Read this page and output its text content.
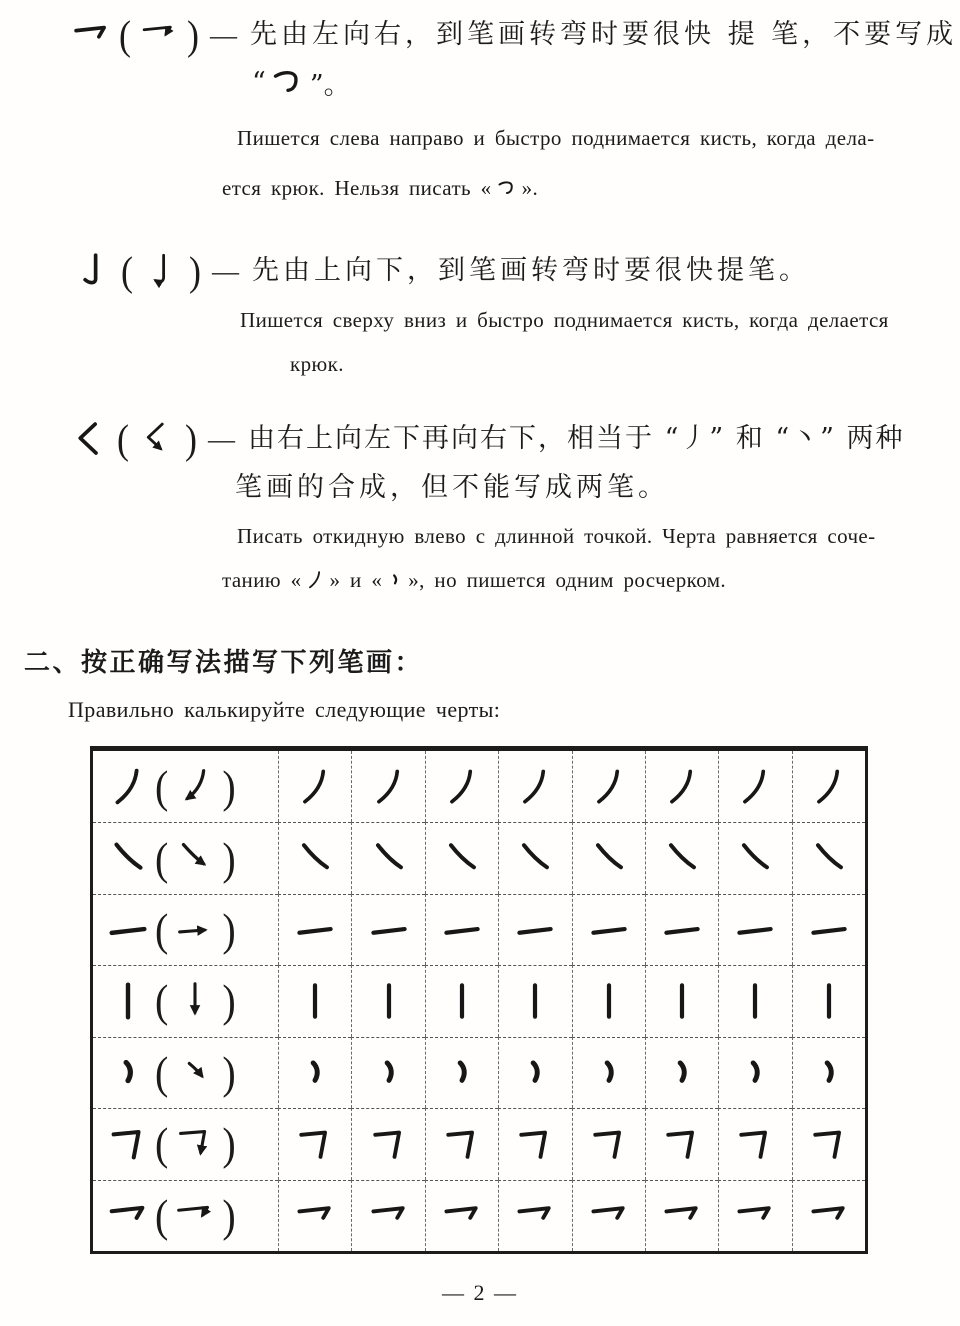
( ) — 先由左向右，到笔画转弯时要很快 提 笔，不要写成
“ ”。
Пишется слева направо и быстро поднимается кисть, когда дела-
ется крюк. Нельзя писать « ».
( ) — 先由上向下，到笔画转弯时要很快提笔。
Пишется сверху вниз и быстро поднимается кисть, когда делается
крюк.
( ) — 由右上向左下再向右下，相当于 “丿” 和 “丶” 两种
笔画的合成，但不能写成两笔。
Писать откидную влево с длинной точкой. Черта равняется соче-
танию « » и « », но пишется одним росчерком.
二、按正确写法描写下列笔画：
Правильно калькируйте следующие черты:
( )
( )
( )
( )
( )
( )
( )
— 2 —
